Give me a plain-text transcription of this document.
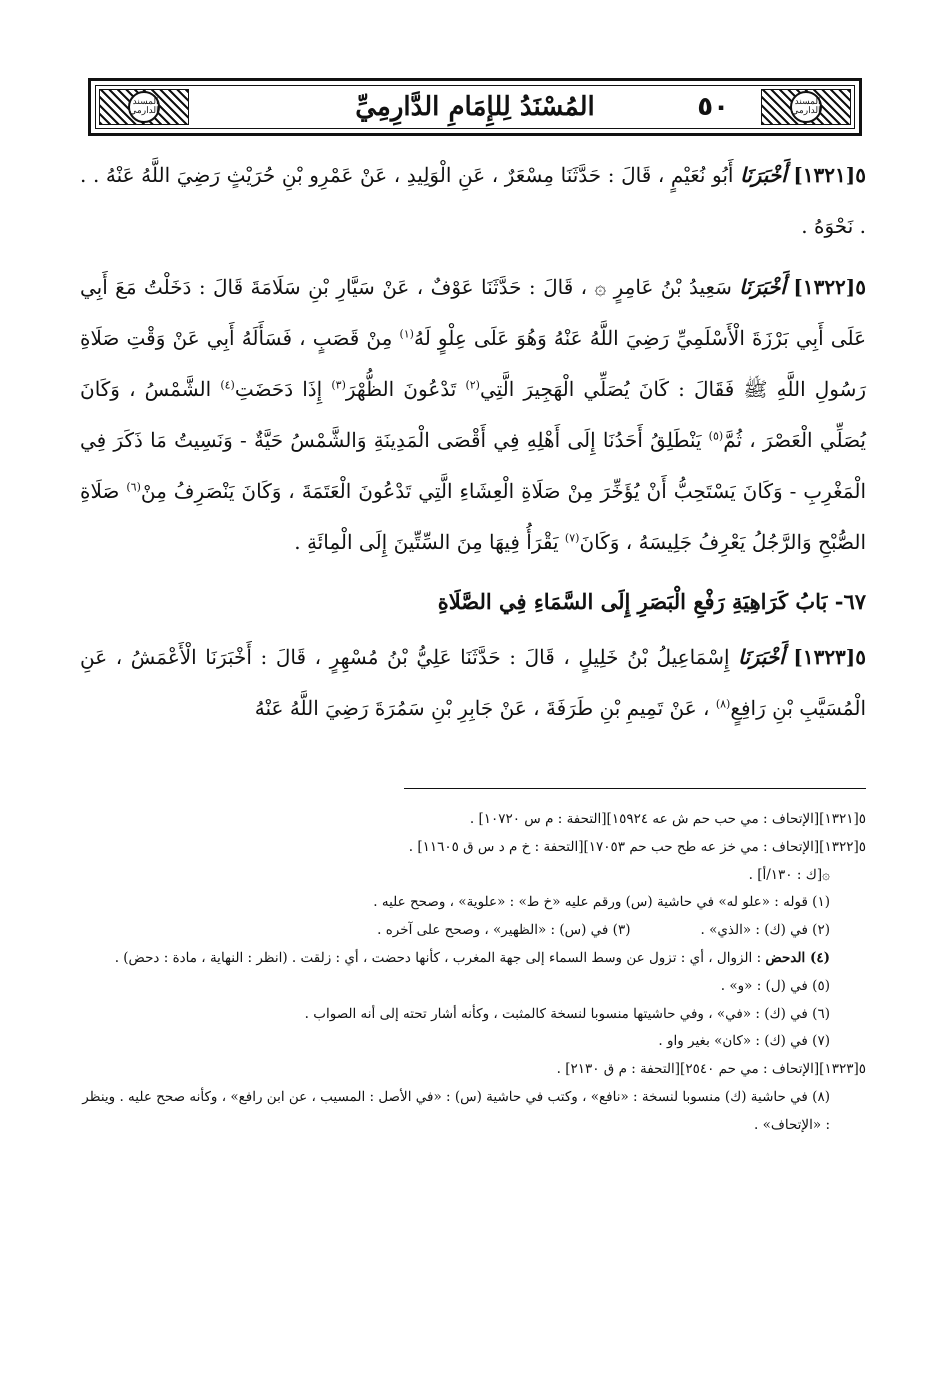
المسند الدارمي
٥٠
المُسْنَدُ لِلإِمَامِ الدَّارِمِيِّ
المسند الدارمي

٥[١٣٢١] أَخْبَرَنَا أَبُو نُعَيْمٍ ، قَالَ : حَدَّثَنَا مِسْعَرٌ ، عَنِ الْوَلِيدِ ، عَنْ عَمْرِو بْنِ حُرَيْثٍ رَضِيَ اللَّهُ عَنْهُ . . . نَحْوَهُ .

٥[١٣٢٢] أَخْبَرَنَا سَعِيدُ بْنُ عَامِرٍ ۞ ، قَالَ : حَدَّثَنَا عَوْفٌ ، عَنْ سَيَّارِ بْنِ سَلَامَةَ قَالَ : دَخَلْتُ مَعَ أَبِي عَلَى أَبِي بَرْزَةَ الْأَسْلَمِيِّ رَضِيَ اللَّهُ عَنْهُ وَهُوَ عَلَى عِلْوٍ لَهُ$^{(١)}$ مِنْ قَصَبٍ ، فَسَأَلَهُ أَبِي عَنْ وَقْتِ صَلَاةِ رَسُولِ اللَّهِ ﷺ فَقَالَ : كَانَ يُصَلِّي الْهَجِيرَ الَّتِي$^{(٢)}$ تَدْعُونَ الظُّهْرَ$^{(٣)}$ إِذَا دَحَضَتِ$^{(٤)}$ الشَّمْسُ ، وَكَانَ يُصَلِّي الْعَصْرَ ، ثُمَّ$^{(٥)}$ يَنْطَلِقُ أَحَدُنَا إِلَى أَهْلِهِ فِي أَقْصَى الْمَدِينَةِ وَالشَّمْسُ حَيَّةٌ - وَنَسِيتُ مَا ذَكَرَ فِي الْمَغْرِبِ - وَكَانَ يَسْتَحِبُّ أَنْ يُؤَخِّرَ مِنْ صَلَاةِ الْعِشَاءِ الَّتِي تَدْعُونَ الْعَتَمَةَ ، وَكَانَ يَنْصَرِفُ مِنْ$^{(٦)}$ صَلَاةِ الصُّبْحِ وَالرَّجُلُ يَعْرِفُ جَلِيسَهُ ، وَكَانَ$^{(٧)}$ يَقْرَأُ فِيهَا مِنَ السِّتِّينَ إِلَى الْمِائَةِ .

٦٧- بَابُ كَرَاهِيَةِ رَفْعِ الْبَصَرِ إِلَى السَّمَاءِ فِي الصَّلَاةِ

٥[١٣٢٣] أَخْبَرَنَا إِسْمَاعِيلُ بْنُ خَلِيلٍ ، قَالَ : حَدَّثَنَا عَلِيُّ بْنُ مُسْهِرٍ ، قَالَ : أَخْبَرَنَا الْأَعْمَشُ ، عَنِ الْمُسَيَّبِ بْنِ رَافِعٍ$^{(٨)}$ ، عَنْ تَمِيمِ بْنِ طَرَفَةَ ، عَنْ جَابِرِ بْنِ سَمُرَةَ رَضِيَ اللَّهُ عَنْهُ

٥[١٣٢١][الإتحاف : مي حب حم ش عه ١٥٩٢٤][التحفة : م س ١٠٧٢٠] .

٥[١٣٢٢][الإتحاف : مي خز عه طح حب حم ١٧٠٥٣][التحفة : خ م د س ق ١١٦٠٥] .

۞[ك : ١٣٠/أ] .

(١) قوله : «علو له» في حاشية (س) ورقم عليه «خ ط» : «علوية» ، وصحح عليه .

(٢) في (ك) : «الذي» .
(٣) في (س) : «الظهير» ، وصحح على آخره .

(٤) الدحض : الزوال ، أي : تزول عن وسط السماء إلى جهة المغرب ، كأنها دحضت ، أي : زلقت . (انظر : النهاية ، مادة : دحض) .

(٥) في (ل) : «و» .

(٦) في (ك) : «في» ، وفي حاشيتها منسوبا لنسخة كالمثبت ، وكأنه أشار تحته إلى أنه الصواب .

(٧) في (ك) : «كان» بغير واو .

٥[١٣٢٣][الإتحاف : مي حم ٢٥٤٠][التحفة : م ق ٢١٣٠] .

(٨) في حاشية (ك) منسوبا لنسخة : «نافع» ، وكتب في حاشية (س) : «في الأصل : المسيب ، عن ابن رافع» ، وكأنه صحح عليه . وينظر : «الإتحاف» .
